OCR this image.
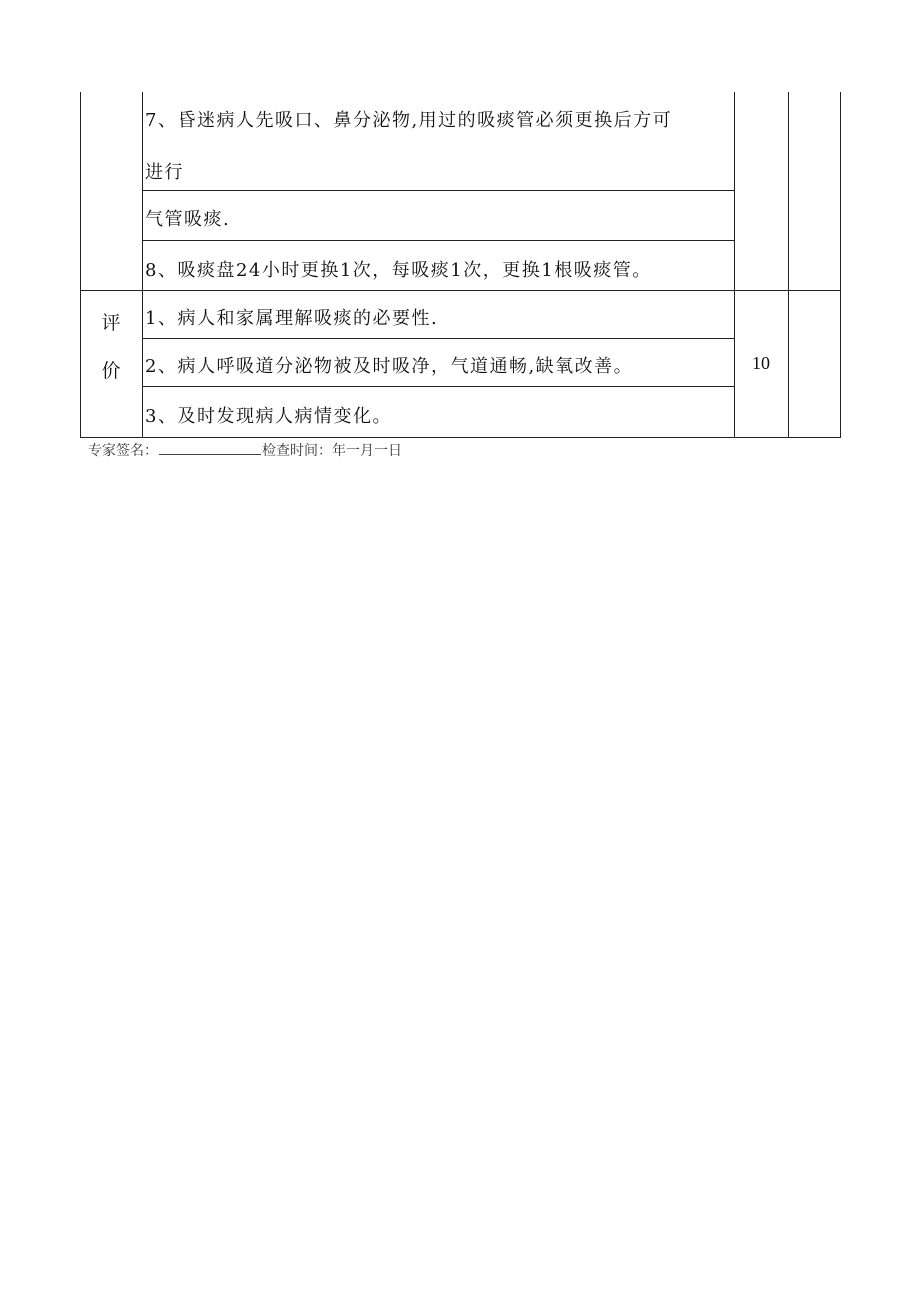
7、昏迷病人先吸口、鼻分泌物,用过的吸痰管必须更换后方可
进行
气管吸痰.
8、吸痰盘24小时更换1次，每吸痰1次，更换1根吸痰管。
评
价
1、病人和家属理解吸痰的必要性.
2、病人呼吸道分泌物被及时吸净，气道通畅,缺氧改善。
3、及时发现病人病情变化。
10
专家签名：	检查时间：年一月一日
